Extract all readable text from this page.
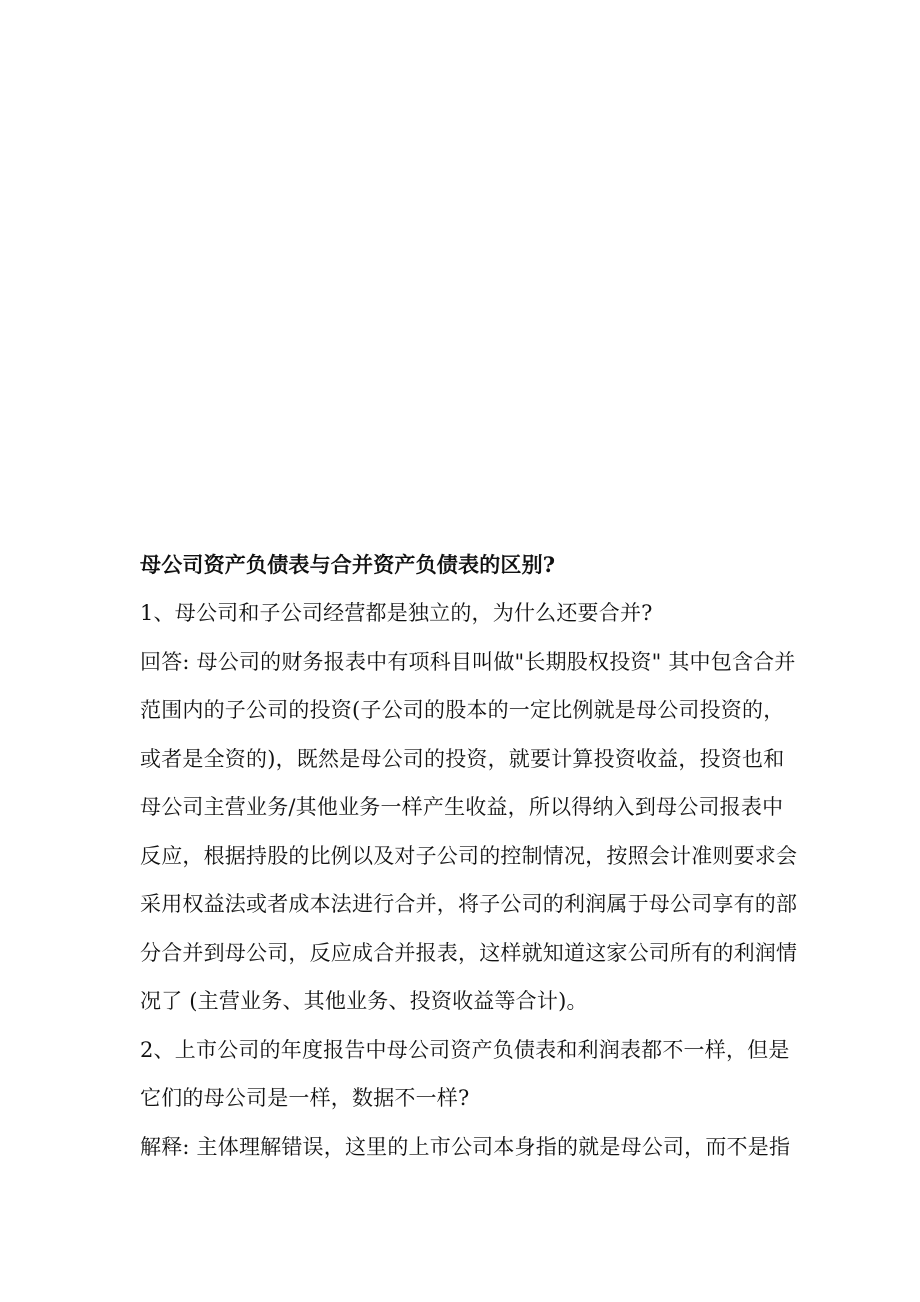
母公司资产负债表与合并资产负债表的区别?
1、母公司和子公司经营都是独立的，为什么还要合并?
回答: 母公司的财务报表中有项科目叫做"长期股权投资" 其中包含合并
范围内的子公司的投资(子公司的股本的一定比例就是母公司投资的，
或者是全资的)，既然是母公司的投资，就要计算投资收益，投资也和
母公司主营业务/其他业务一样产生收益，所以得纳入到母公司报表中
反应，根据持股的比例以及对子公司的控制情况，按照会计准则要求会
采用权益法或者成本法进行合并，将子公司的利润属于母公司享有的部
分合并到母公司，反应成合并报表，这样就知道这家公司所有的利润情
况了 (主营业务、其他业务、投资收益等合计)。
2、上市公司的年度报告中母公司资产负债表和利润表都不一样，但是
它们的母公司是一样，数据不一样?
解释: 主体理解错误，这里的上市公司本身指的就是母公司，而不是指
